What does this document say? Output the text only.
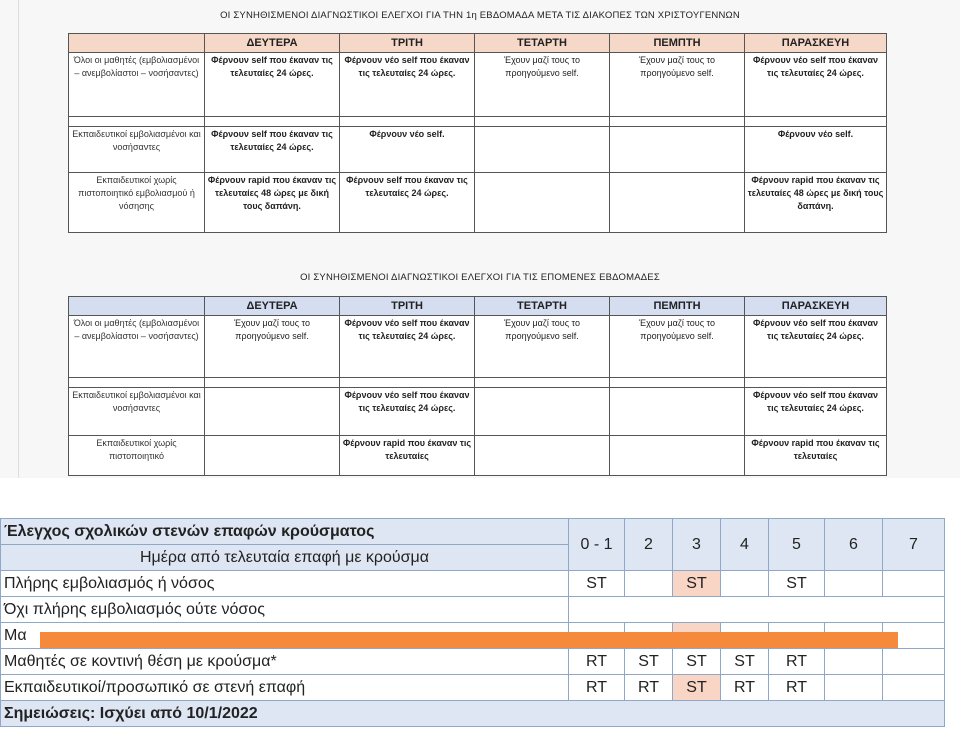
ΟΙ ΣΥΝΗΘΙΣΜΕΝΟΙ ΔΙΑΓΝΩΣΤΙΚΟΙ ΕΛΕΓΧΟΙ ΓΙΑ ΤΗΝ 1η ΕΒΔΟΜΑΔΑ ΜΕΤΑ ΤΙΣ ΔΙΑΚΟΠΕΣ ΤΩΝ ΧΡΙΣΤΟΥΓΕΝΝΩΝ
	ΔΕΥΤΕΡΑ	ΤΡΙΤΗ	ΤΕΤΑΡΤΗ	ΠΕΜΠΤΗ	ΠΑΡΑΣΚΕΥΗ
Όλοι οι μαθητές (εμβολιασμένοι – ανεμβολίαστοι – νοσήσαντες)	Φέρνουν self που έκαναν τις τελευταίες 24 ώρες.	Φέρνουν νέο self που έκαναν τις τελευταίες 24 ώρες.	Έχουν μαζί τους το προηγούμενο self.	Έχουν μαζί τους το προηγούμενο self.	Φέρνουν νέο self που έκαναν τις τελευταίες 24 ώρες.

Εκπαιδευτικοί εμβολιασμένοι και νοσήσαντες	Φέρνουν self που έκαναν τις τελευταίες 24 ώρες.	Φέρνουν νέο self.			Φέρνουν νέο self.
Εκπαιδευτικοί χωρίς πιστοποιητικό εμβολιασμού ή νόσησης	Φέρνουν rapid που έκαναν τις τελευταίες 48 ώρες με δική τους δαπάνη.	Φέρνουν self που έκαναν τις τελευταίες 24 ώρες.			Φέρνουν rapid που έκαναν τις τελευταίες 48 ώρες με δική τους δαπάνη.
ΟΙ ΣΥΝΗΘΙΣΜΕΝΟΙ ΔΙΑΓΝΩΣΤΙΚΟΙ ΕΛΕΓΧΟΙ ΓΙΑ ΤΙΣ ΕΠΟΜΕΝΕΣ ΕΒΔΟΜΑΔΕΣ
	ΔΕΥΤΕΡΑ	ΤΡΙΤΗ	ΤΕΤΑΡΤΗ	ΠΕΜΠΤΗ	ΠΑΡΑΣΚΕΥΗ
Όλοι οι μαθητές (εμβολιασμένοι – ανεμβολίαστοι – νοσήσαντες)	Έχουν μαζί τους το προηγούμενο self.	Φέρνουν νέο self που έκαναν τις τελευταίες 24 ώρες.	Έχουν μαζί τους το προηγούμενο self.	Έχουν μαζί τους το προηγούμενο self.	Φέρνουν νέο self που έκαναν τις τελευταίες 24 ώρες.

Εκπαιδευτικοί εμβολιασμένοι και νοσήσαντες		Φέρνουν νέο self που έκαναν τις τελευταίες 24 ώρες.			Φέρνουν νέο self που έκαναν τις τελευταίες 24 ώρες.
Εκπαιδευτικοί χωρίς πιστοποιητικό		Φέρνουν rapid που έκαναν τις τελευταίες			Φέρνουν rapid που έκαναν τις τελευταίες
Έλεγχος σχολικών στενών επαφών κρούσματος	0 - 1	2	3	4	5	6	7
Ημέρα από τελευταία επαφή με κρούσμα							
Πλήρης εμβολιασμός ή νόσος	ST		ST		ST		
Όχι πλήρης εμβολιασμός ούτε νόσος							
Μα							
Μαθητές σε κοντινή θέση με κρούσμα*	RT	ST	ST	ST	RT		
Εκπαιδευτικοί/προσωπικό σε στενή επαφή	RT	RT	ST	RT	RT		
Σημειώσεις: Ισχύει από 10/1/2022							
